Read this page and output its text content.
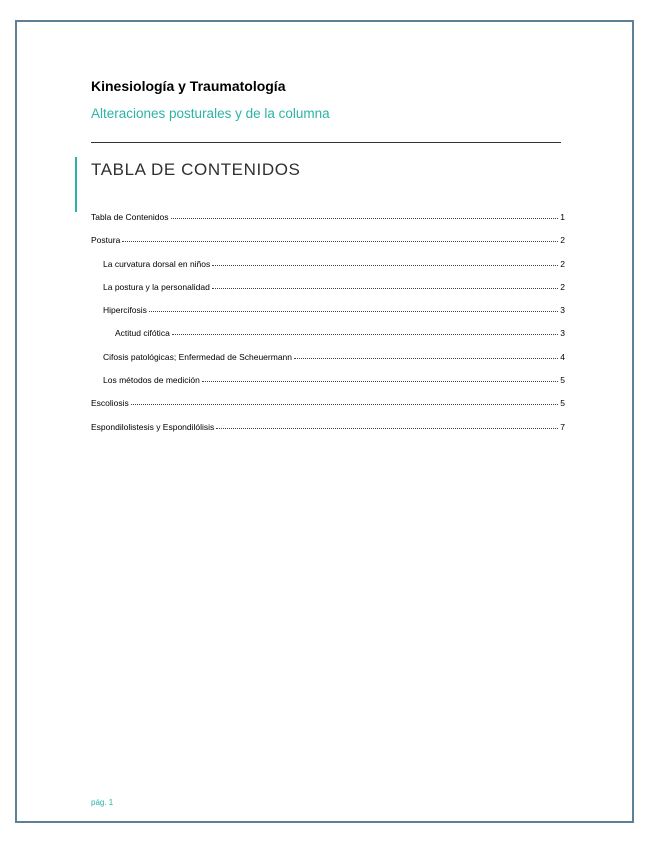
Kinesiología y Traumatología
Alteraciones posturales y de la columna
TABLA DE CONTENIDOS
Tabla de Contenidos	1
Postura	2
La curvatura dorsal en niños	2
La postura y la personalidad	2
Hipercifosis	3
Actitud cifótica	3
Cifosis patológicas; Enfermedad de Scheuermann	4
Los métodos de medición	5
Escoliosis	5
Espondilolistesis y Espondilólisis	7
pág. 1
